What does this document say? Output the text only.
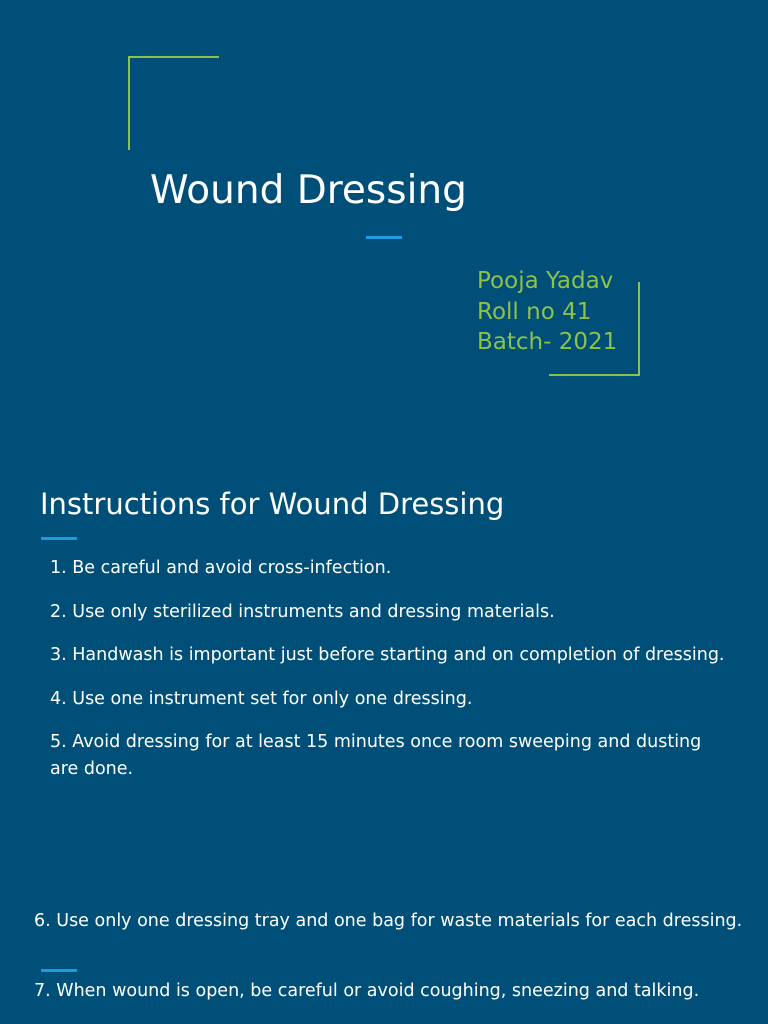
Wound Dressing
Pooja Yadav
Roll no 41
Batch- 2021
Instructions for Wound Dressing

1. Be careful and avoid cross-infection.

2. Use only sterilized instruments and dressing materials.

3. Handwash is important just before starting and on completion of dressing.

4. Use one instrument set for only one dressing.

5. Avoid dressing for at least 15 minutes once room sweeping and dusting are done.

6. Use only one dressing tray and one bag for waste materials for each dressing.

7. When wound is open, be careful or avoid coughing, sneezing and talking.
